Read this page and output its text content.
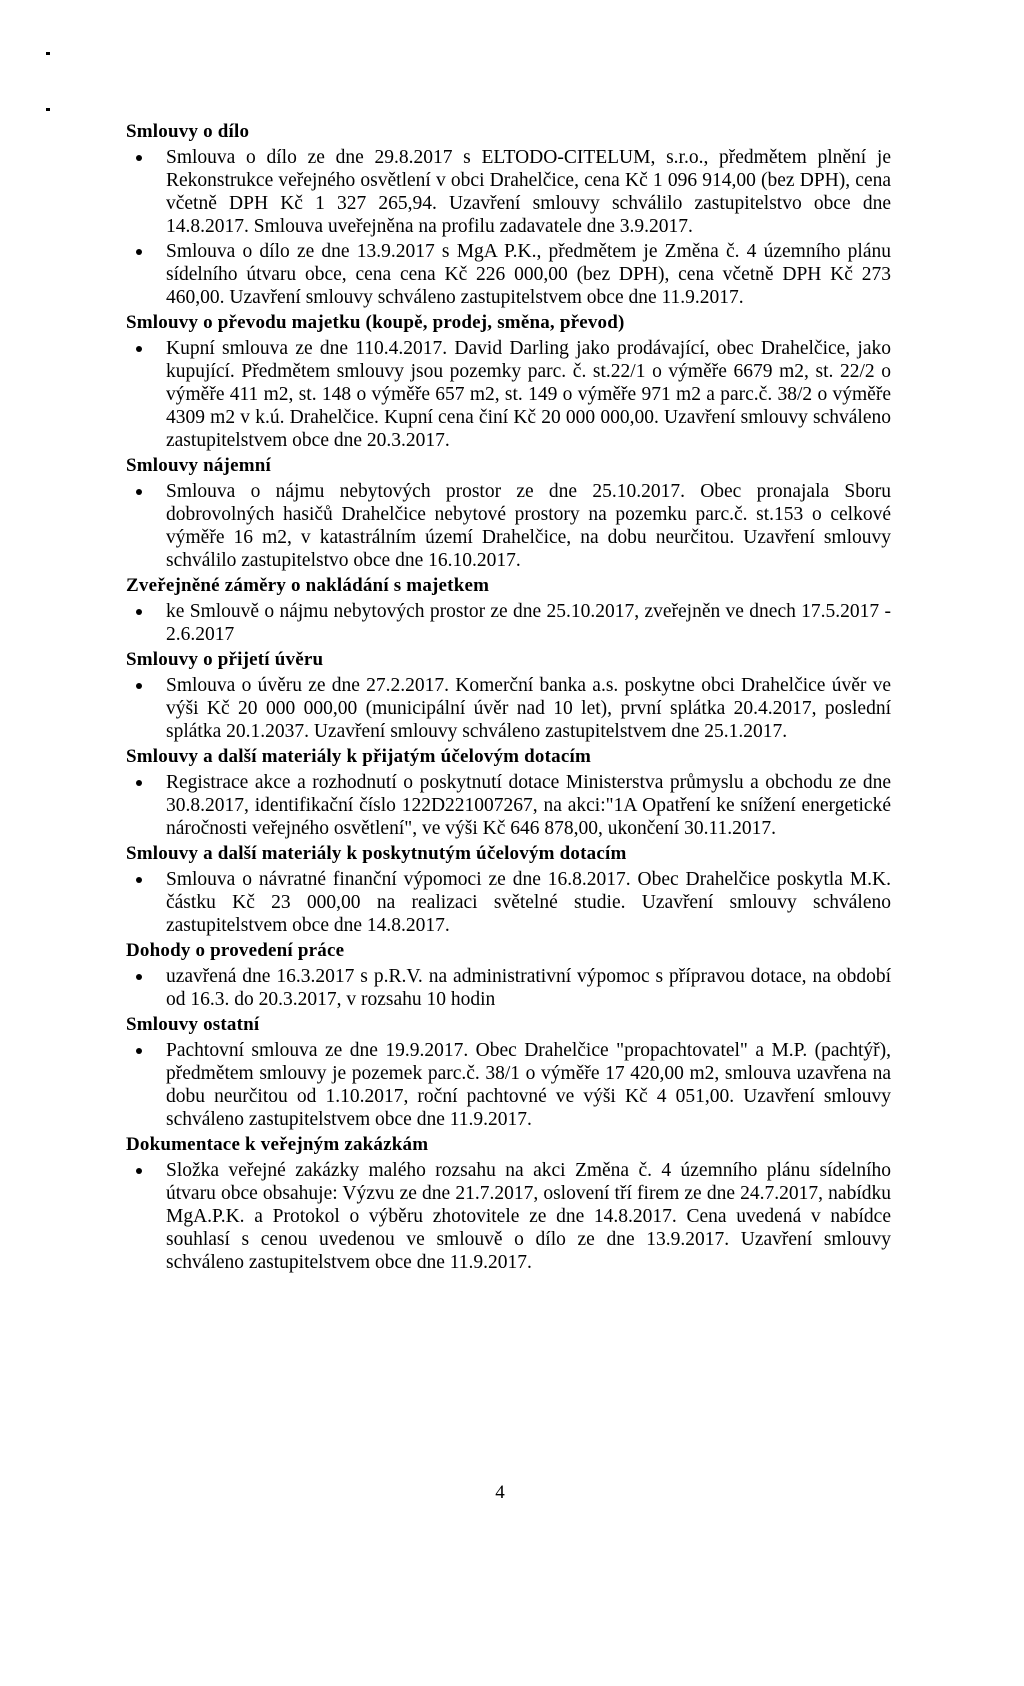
Smlouvy o dílo
Smlouva o dílo ze dne 29.8.2017 s ELTODO-CITELUM, s.r.o., předmětem plnění je Rekonstrukce veřejného osvětlení v obci Drahelčice, cena Kč 1 096 914,00 (bez DPH), cena včetně DPH Kč 1 327 265,94. Uzavření smlouvy schválilo zastupitelstvo obce dne 14.8.2017. Smlouva uveřejněna na profilu zadavatele dne 3.9.2017.
Smlouva o dílo ze dne 13.9.2017 s MgA P.K., předmětem je Změna č. 4 územního plánu sídelního útvaru obce, cena cena Kč 226 000,00 (bez DPH), cena včetně DPH Kč 273 460,00. Uzavření smlouvy schváleno zastupitelstvem obce dne 11.9.2017.
Smlouvy o převodu majetku (koupě, prodej, směna, převod)
Kupní smlouva ze dne 110.4.2017. David Darling jako prodávající, obec Drahelčice, jako kupující. Předmětem smlouvy jsou pozemky parc. č. st.22/1 o výměře 6679 m2, st. 22/2 o výměře 411 m2, st. 148 o výměře 657 m2, st. 149 o výměře 971 m2 a parc.č. 38/2 o výměře 4309 m2 v k.ú. Drahelčice. Kupní cena činí Kč 20 000 000,00. Uzavření smlouvy schváleno zastupitelstvem obce dne 20.3.2017.
Smlouvy nájemní
Smlouva o nájmu nebytových prostor ze dne 25.10.2017. Obec pronajala Sboru dobrovolných hasičů Drahelčice nebytové prostory na pozemku parc.č. st.153 o celkové výměře 16 m2, v katastrálním území Drahelčice, na dobu neurčitou. Uzavření smlouvy schválilo zastupitelstvo obce dne 16.10.2017.
Zveřejněné záměry o nakládání s majetkem
ke Smlouvě o nájmu nebytových prostor ze dne 25.10.2017, zveřejněn ve dnech 17.5.2017 - 2.6.2017
Smlouvy o přijetí úvěru
Smlouva o úvěru ze dne 27.2.2017. Komerční banka a.s. poskytne obci Drahelčice úvěr ve výši Kč 20 000 000,00 (municipální úvěr nad 10 let), první splátka 20.4.2017, poslední splátka 20.1.2037. Uzavření smlouvy schváleno zastupitelstvem dne 25.1.2017.
Smlouvy a další materiály k přijatým účelovým dotacím
Registrace akce a rozhodnutí o poskytnutí dotace Ministerstva průmyslu a obchodu ze dne 30.8.2017, identifikační číslo 122D221007267, na akci:"1A Opatření ke snížení energetické náročnosti veřejného osvětlení", ve výši Kč 646 878,00, ukončení 30.11.2017.
Smlouvy a další materiály k poskytnutým účelovým dotacím
Smlouva o návratné finanční výpomoci ze dne 16.8.2017. Obec Drahelčice poskytla M.K. částku Kč 23 000,00 na realizaci světelné studie. Uzavření smlouvy schváleno zastupitelstvem obce dne 14.8.2017.
Dohody o provedení práce
uzavřená dne 16.3.2017 s p.R.V. na administrativní výpomoc s přípravou dotace, na období od 16.3. do 20.3.2017, v rozsahu 10 hodin
Smlouvy ostatní
Pachtovní smlouva ze dne 19.9.2017. Obec Drahelčice "propachtovatel" a M.P. (pachtýř), předmětem smlouvy je pozemek parc.č. 38/1 o výměře 17 420,00 m2, smlouva uzavřena na dobu neurčitou od 1.10.2017, roční pachtovné ve výši Kč 4 051,00. Uzavření smlouvy schváleno zastupitelstvem obce dne 11.9.2017.
Dokumentace k veřejným zakázkám
Složka veřejné zakázky malého rozsahu na akci Změna č. 4 územního plánu sídelního útvaru obce obsahuje: Výzvu ze dne 21.7.2017, oslovení tří firem ze dne 24.7.2017, nabídku MgA.P.K. a Protokol o výběru zhotovitele ze dne 14.8.2017. Cena uvedená v nabídce souhlasí s cenou uvedenou ve smlouvě o dílo ze dne 13.9.2017. Uzavření smlouvy schváleno zastupitelstvem obce dne 11.9.2017.
4
